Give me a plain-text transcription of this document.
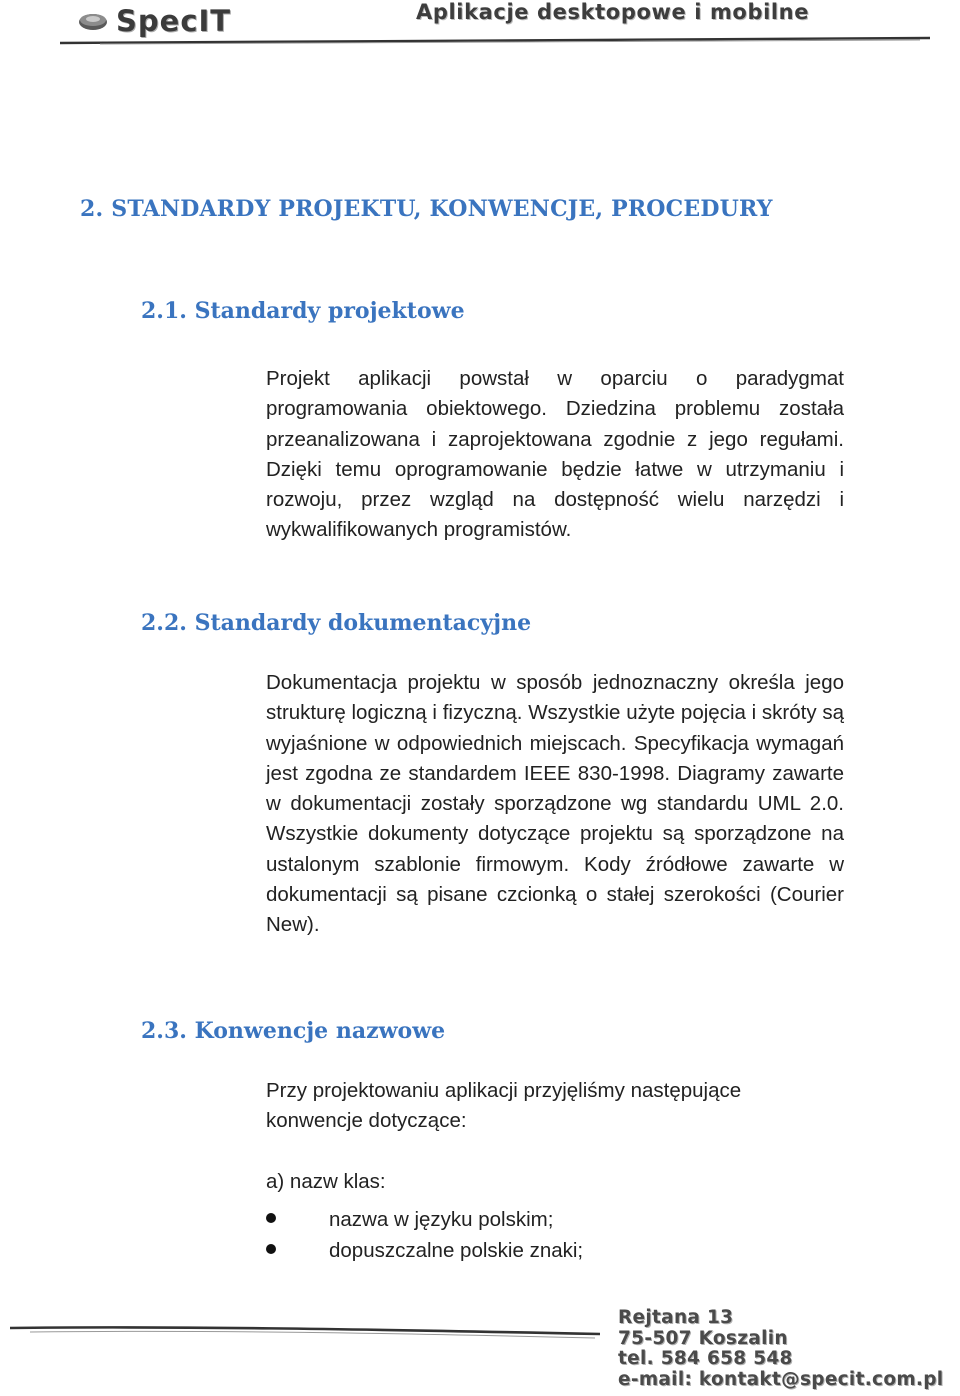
SpecIT	Aplikacje desktopowe i mobilne
2. STANDARDY PROJEKTU, KONWENCJE, PROCEDURY
2.1. Standardy projektowe

Projekt aplikacji powstał w oparciu o paradygmat programowania obiektowego. Dziedzina problemu została przeanalizowana i zaprojektowana zgodnie z jego regułami. Dzięki temu oprogramowanie będzie łatwe w utrzymaniu i rozwoju, przez wzgląd na dostępność wielu narzędzi i wykwalifikowanych programistów.

2.2. Standardy dokumentacyjne

Dokumentacja projektu w sposób jednoznaczny określa jego strukturę logiczną i fizyczną. Wszystkie użyte pojęcia i skróty są wyjaśnione w odpowiednich miejscach. Specyfikacja wymagań jest zgodna ze standardem IEEE 830-1998. Diagramy zawarte w dokumentacji zostały sporządzone wg standardu UML 2.0. Wszystkie dokumenty dotyczące projektu są sporządzone na ustalonym szablonie firmowym. Kody źródłowe zawarte w dokumentacji są pisane czcionką o stałej szerokości (Courier New).

2.3. Konwencje nazwowe

Przy projektowaniu aplikacji przyjęliśmy następujące konwencje dotyczące:

a) nazw klas:

nazwa w języku polskim;
dopuszczalne polskie znaki;
Rejtana 13
75-507 Koszalin
tel. 584 658 548
e-mail: kontakt@specit.com.pl
